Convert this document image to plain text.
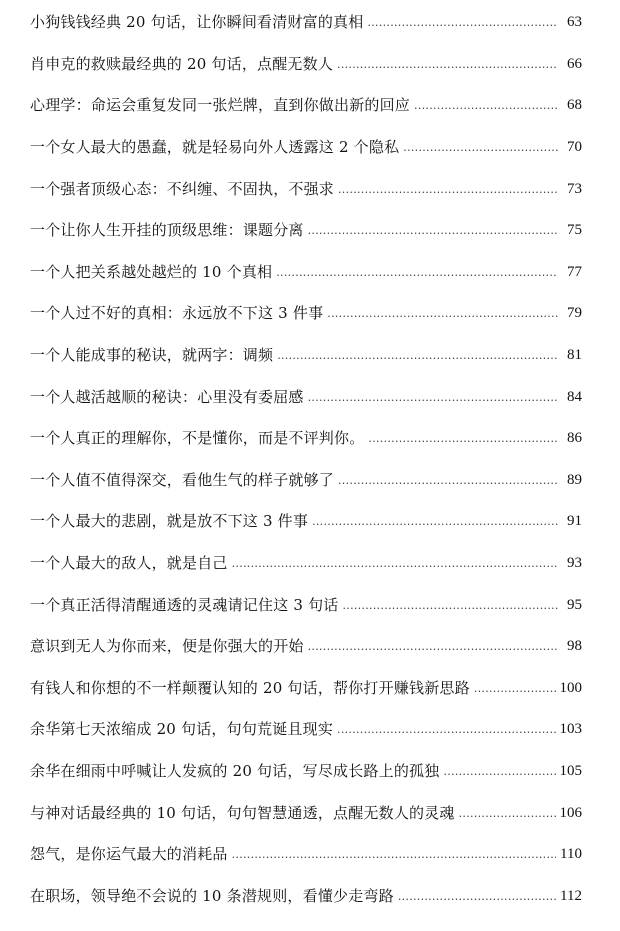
小狗钱钱经典 20 句话，让你瞬间看清财富的真相 . . .	63
肖申克的救赎最经典的 20 句话，点醒无数人 . . .	66
心理学：命运会重复发同一张烂牌，直到你做出新的回应 . . .	68
一个女人最大的愚蠢，就是轻易向外人透露这 2 个隐私 . . .	70
一个强者顶级心态：不纠缠、不固执，不强求 . . .	73
一个让你人生开挂的顶级思维：课题分离 . . .	75
一个人把关系越处越烂的 10 个真相 . . .	77
一个人过不好的真相：永远放不下这 3 件事 . . .	79
一个人能成事的秘诀，就两字：调频 . . .	81
一个人越活越顺的秘诀：心里没有委屈感 . . .	84
一个人真正的理解你，不是懂你，而是不评判你。 . . .	86
一个人值不值得深交，看他生气的样子就够了 . . .	89
一个人最大的悲剧，就是放不下这 3 件事 . . .	91
一个人最大的敌人，就是自己 . . .	93
一个真正活得清醒通透的灵魂请记住这 3 句话 . . .	95
意识到无人为你而来，便是你强大的开始 . . .	98
有钱人和你想的不一样颠覆认知的 20 句话，帮你打开赚钱新思路 . . .	100
余华第七天浓缩成 20 句话，句句荒诞且现实 . . .	103
余华在细雨中呼喊让人发疯的 20 句话，写尽成长路上的孤独 . . .	105
与神对话最经典的 10 句话，句句智慧通透，点醒无数人的灵魂 . . .	106
怨气，是你运气最大的消耗品 . . .	110
在职场，领导绝不会说的 10 条潜规则，看懂少走弯路 . . .	112
